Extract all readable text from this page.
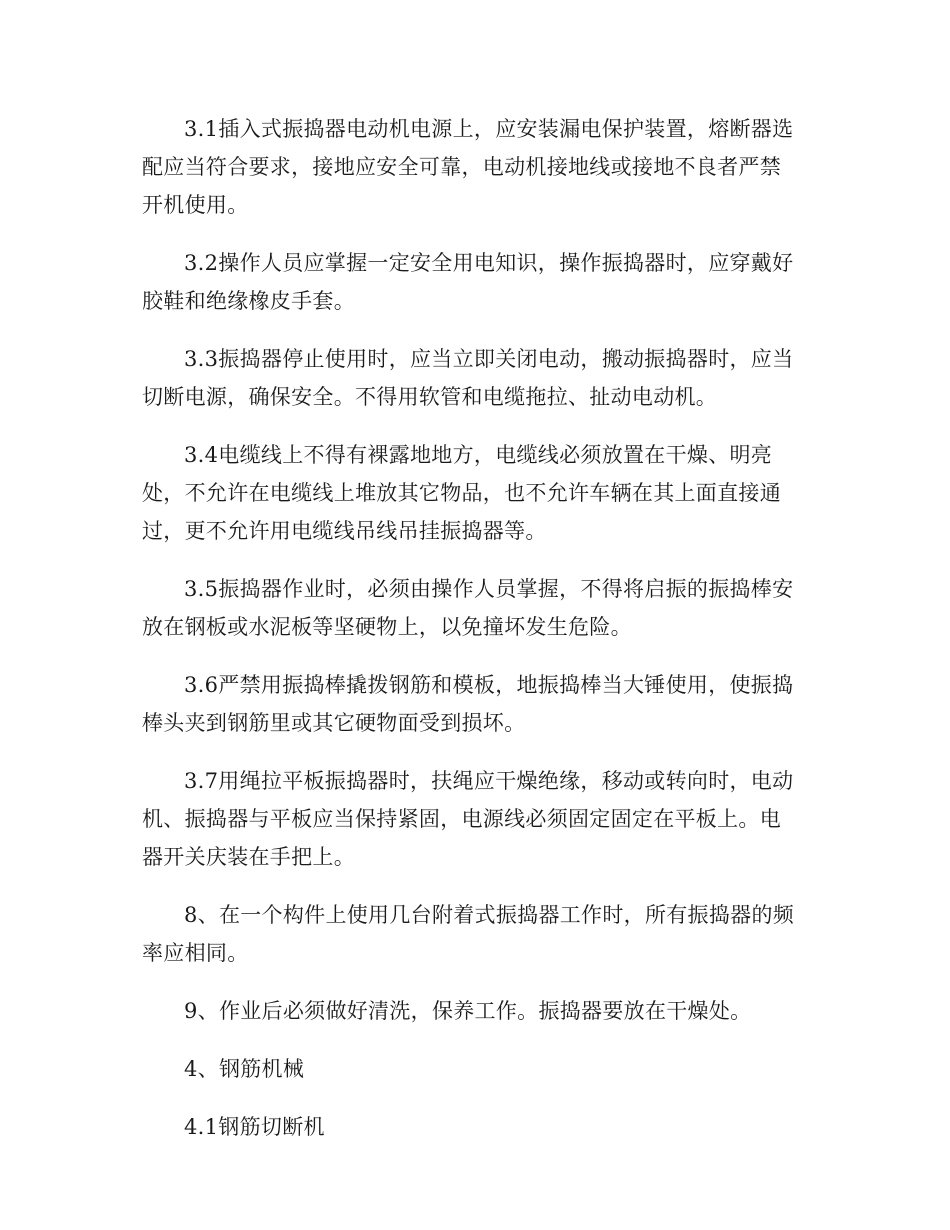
3.1插入式振捣器电动机电源上，应安装漏电保护装置，熔断器选
配应当符合要求，接地应安全可靠，电动机接地线或接地不良者严禁
开机使用。

3.2操作人员应掌握一定安全用电知识，操作振捣器时，应穿戴好
胶鞋和绝缘橡皮手套。

3.3振捣器停止使用时，应当立即关闭电动，搬动振捣器时，应当
切断电源，确保安全。不得用软管和电缆拖拉、扯动电动机。

3.4电缆线上不得有裸露地地方，电缆线必须放置在干燥、明亮
处，不允许在电缆线上堆放其它物品，也不允许车辆在其上面直接通
过，更不允许用电缆线吊线吊挂振捣器等。

3.5振捣器作业时，必须由操作人员掌握，不得将启振的振捣棒安
放在钢板或水泥板等坚硬物上，以免撞坏发生危险。

3.6严禁用振捣棒撬拨钢筋和模板，地振捣棒当大锤使用，使振捣
棒头夹到钢筋里或其它硬物面受到损坏。

3.7用绳拉平板振捣器时，扶绳应干燥绝缘，移动或转向时，电动
机、振捣器与平板应当保持紧固，电源线必须固定固定在平板上。电
器开关庆装在手把上。

8、在一个构件上使用几台附着式振捣器工作时，所有振捣器的频
率应相同。

9、作业后必须做好清洗，保养工作。振捣器要放在干燥处。

4、钢筋机械

4.1钢筋切断机
